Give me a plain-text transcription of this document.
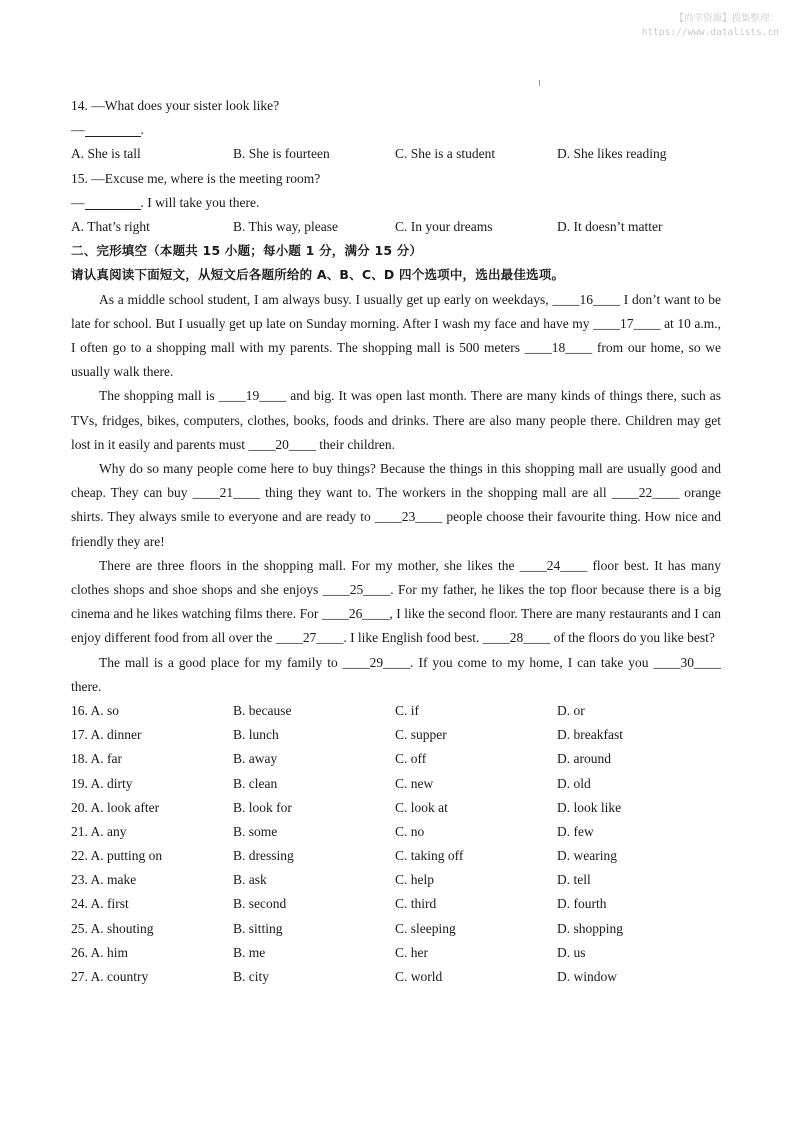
【尚学资源】搜集整理：
https://www.datalists.cn
14. —What does your sister look like?
—	.
A. She is tall	B. She is fourteen	C. She is a student	D. She likes reading
15. —Excuse me, where is the meeting room?
—	. I will take you there.
A. That’s right	B. This way, please	C. In your dreams	D. It doesn’t matter
二、完形填空（本题共 15 小题；每小题 1 分，满分 15 分）
请认真阅读下面短文，从短文后各题所给的 A、B、C、D 四个选项中，选出最佳选项。
As a middle school student, I am always busy. I usually get up early on weekdays, ____16____ I don’t want to be late for school. But I usually get up late on Sunday morning. After I wash my face and have my ____17____ at 10 a.m., I often go to a shopping mall with my parents. The shopping mall is 500 meters ____18____ from our home, so we usually walk there.
The shopping mall is ____19____ and big. It was open last month. There are many kinds of things there, such as TVs, fridges, bikes, computers, clothes, books, foods and drinks. There are also many people there. Children may get lost in it easily and parents must ____20____ their children.
Why do so many people come here to buy things? Because the things in this shopping mall are usually good and cheap. They can buy ____21____ thing they want to. The workers in the shopping mall are all ____22____ orange shirts. They always smile to everyone and are ready to ____23____ people choose their favourite thing. How nice and friendly they are!
There are three floors in the shopping mall. For my mother, she likes the ____24____ floor best. It has many clothes shops and shoe shops and she enjoys ____25____. For my father, he likes the top floor because there is a big cinema and he likes watching films there. For ____26____, I like the second floor. There are many restaurants and I can enjoy different food from all over the ____27____. I like English food best. ____28____ of the floors do you like best?
The mall is a good place for my family to ____29____. If you come to my home, I can take you ____30____ there.
16. A. so	B. because	C. if	D. or
17. A. dinner	B. lunch	C. supper	D. breakfast
18. A. far	B. away	C. off	D. around
19. A. dirty	B. clean	C. new	D. old
20. A. look after	B. look for	C. look at	D. look like
21. A. any	B. some	C. no	D. few
22. A. putting on	B. dressing	C. taking off	D. wearing
23. A. make	B. ask	C. help	D. tell
24. A. first	B. second	C. third	D. fourth
25. A. shouting	B. sitting	C. sleeping	D. shopping
26. A. him	B. me	C. her	D. us
27. A. country	B. city	C. world	D. window
